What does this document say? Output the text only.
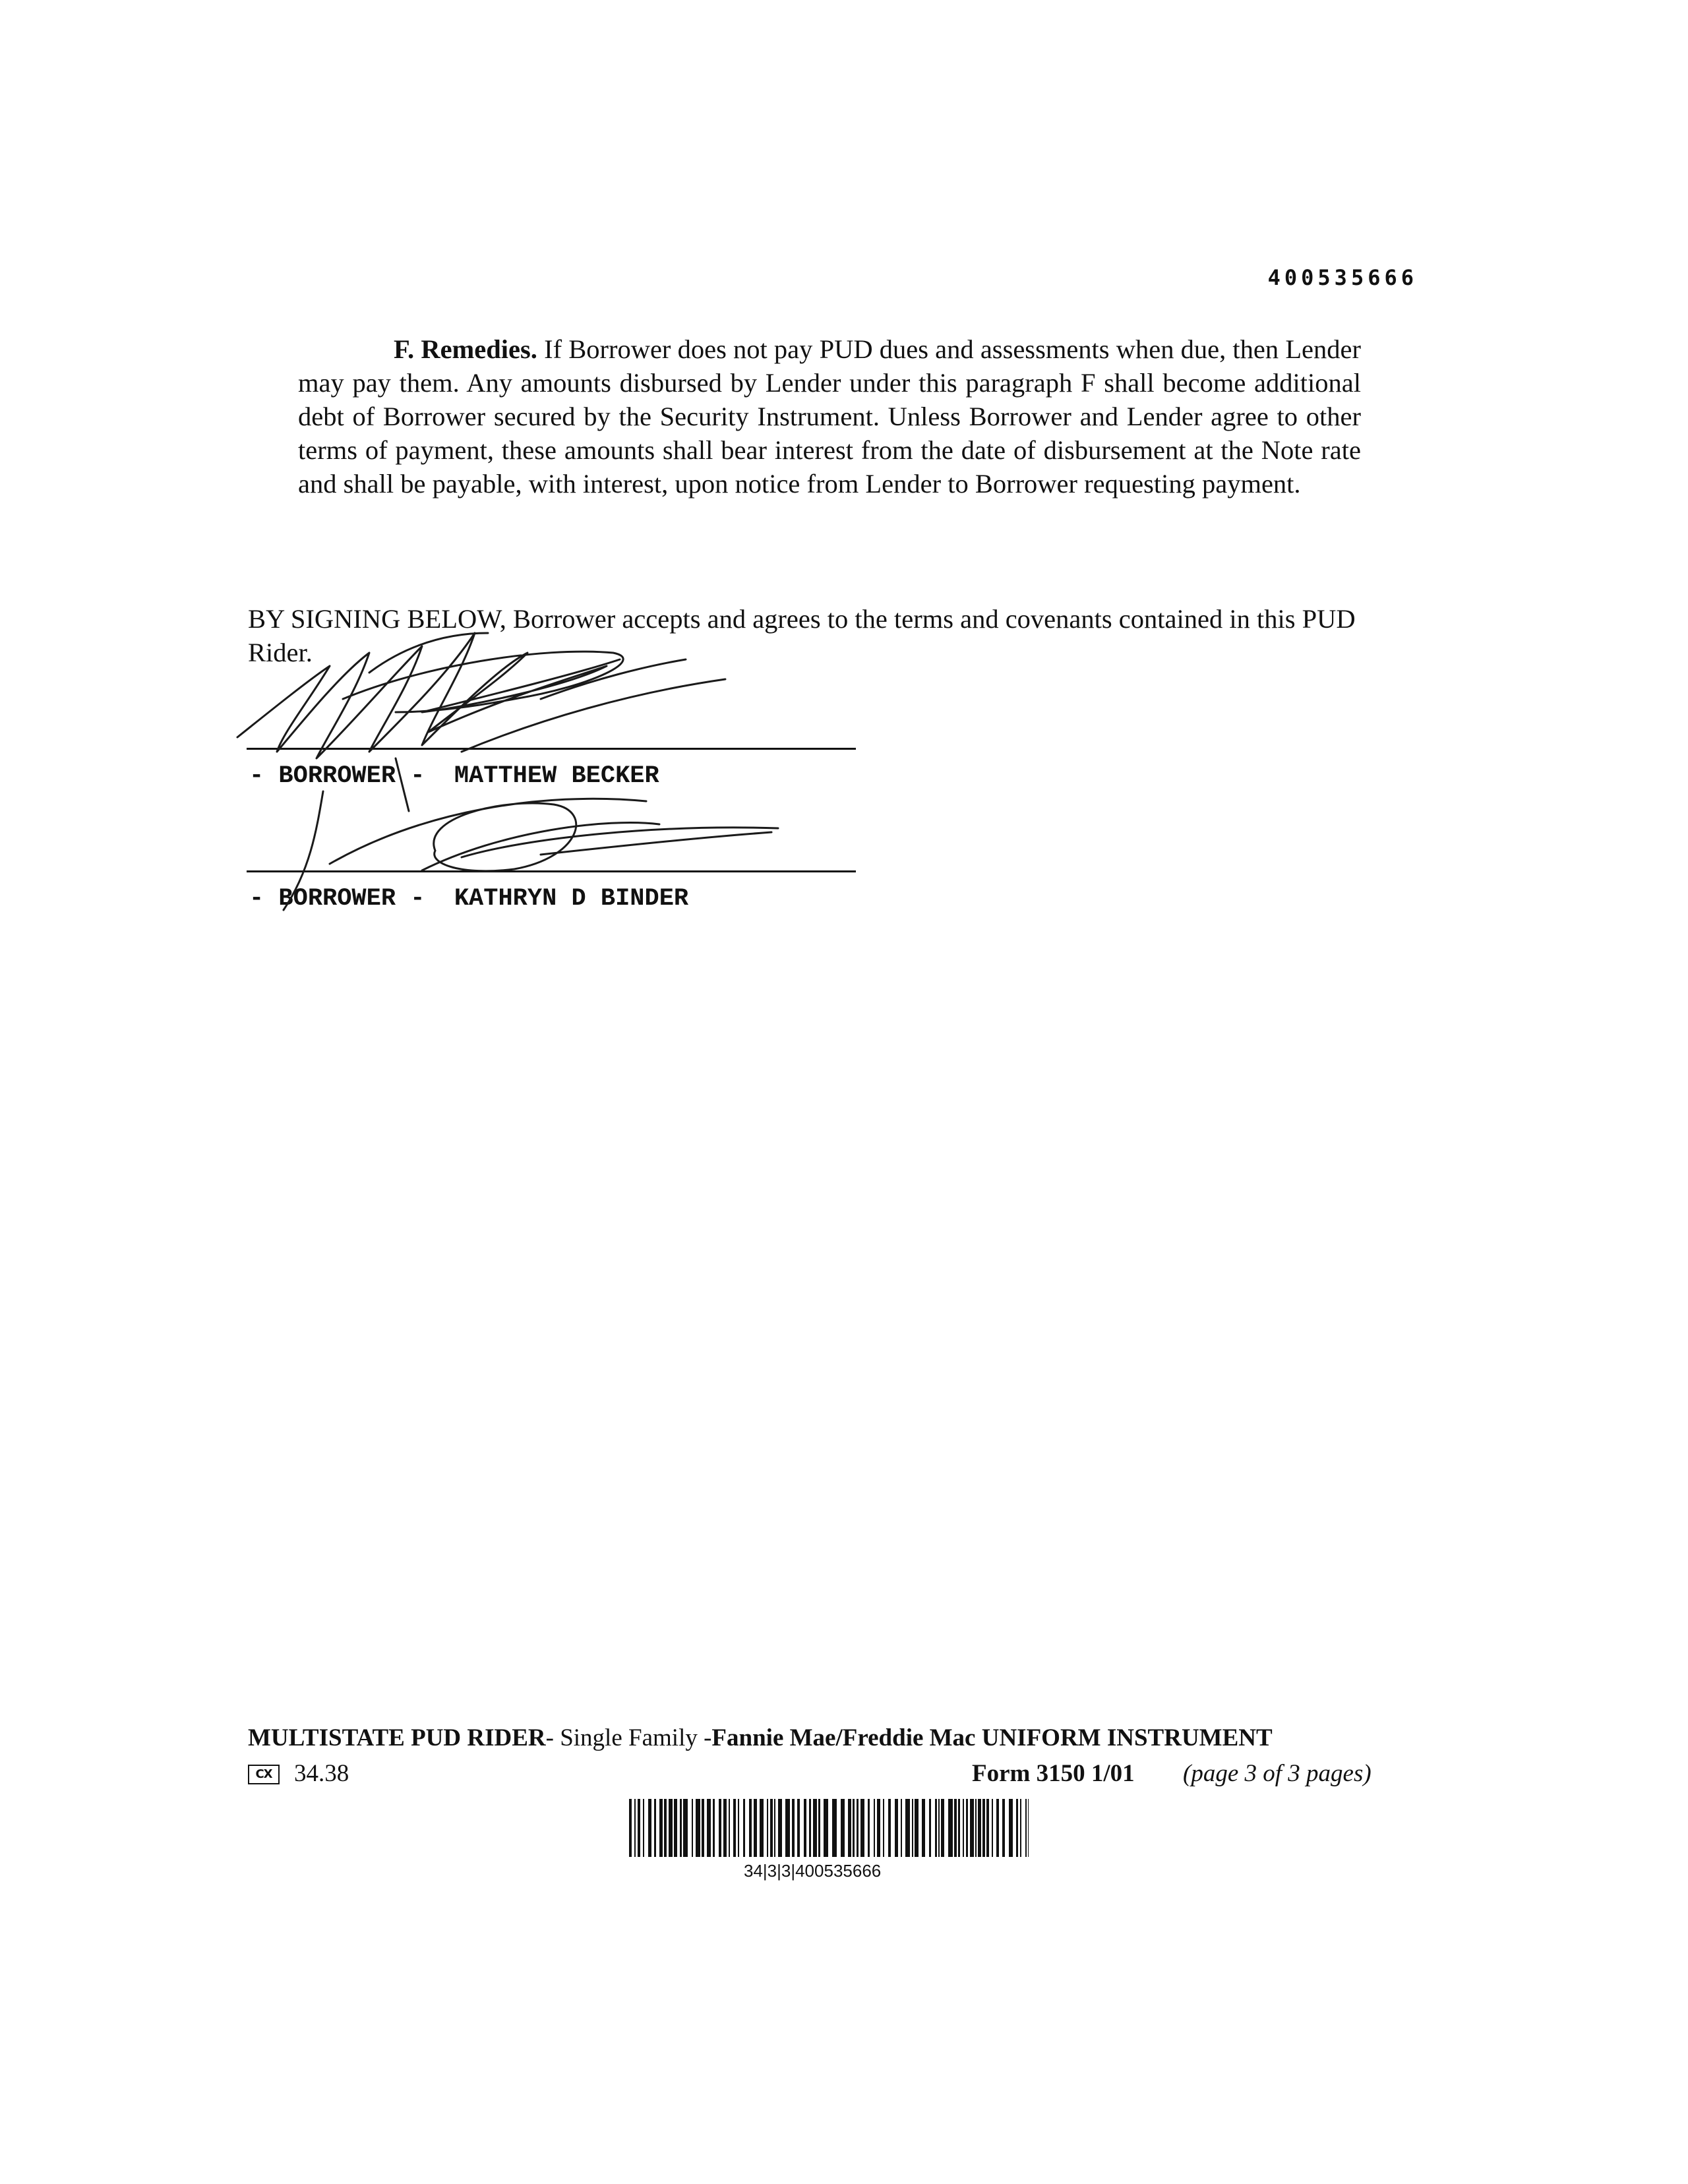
400535666
F. Remedies. If Borrower does not pay PUD dues and assessments when due, then Lender may pay them. Any amounts disbursed by Lender under this paragraph F shall become additional debt of Borrower secured by the Security Instrument. Unless Borrower and Lender agree to other terms of payment, these amounts shall bear interest from the date of disbursement at the Note rate and shall be payable, with interest, upon notice from Lender to Borrower requesting payment.
BY SIGNING BELOW, Borrower accepts and agrees to the terms and covenants contained in this PUD Rider.
- BORROWER -  MATTHEW BECKER
- BORROWER -  KATHRYN D BINDER
MULTISTATE PUD RIDER- Single Family -Fannie Mae/Freddie Mac UNIFORM INSTRUMENT
CX 34.38	Form 3150 1/01 (page 3 of 3 pages)
34|3|3|400535666
